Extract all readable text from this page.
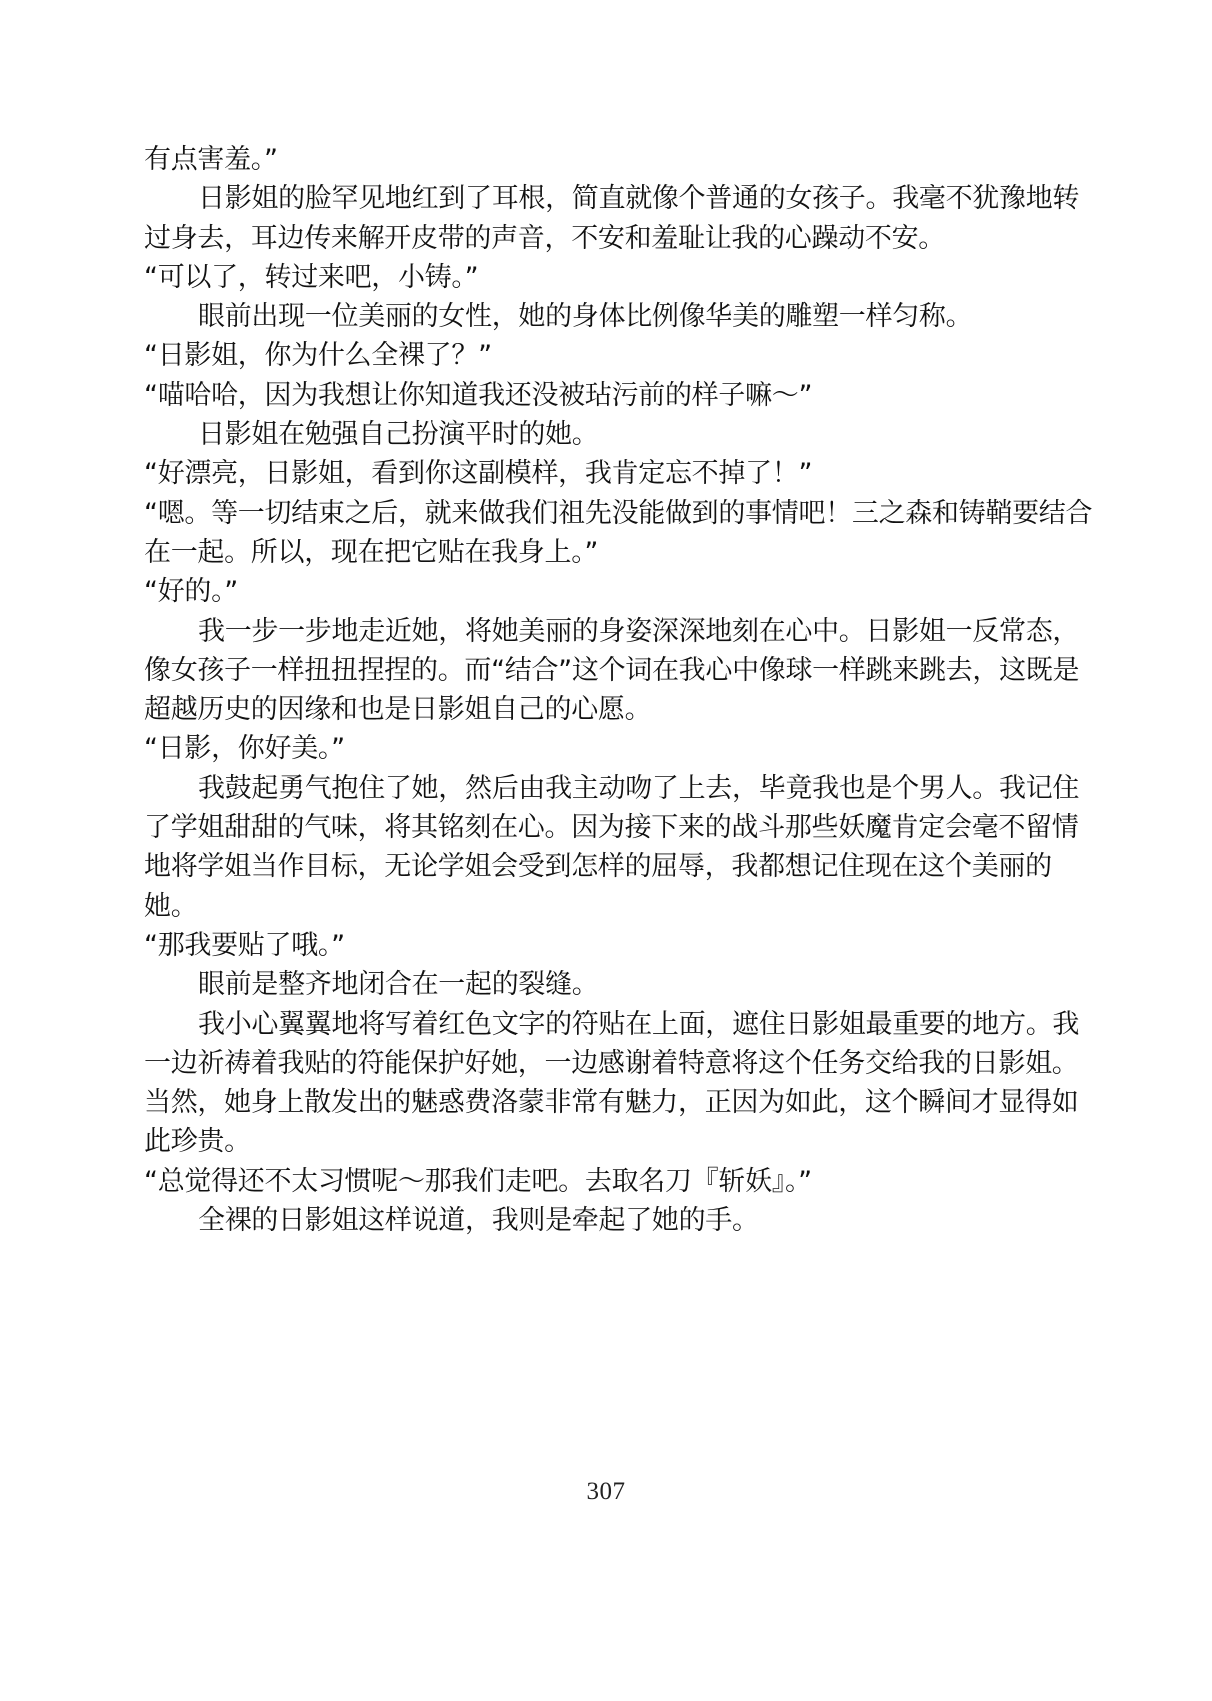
有点害羞。”

日影姐的脸罕见地红到了耳根，简直就像个普通的女孩子。我毫不犹豫地转过身去，耳边传来解开皮带的声音，不安和羞耻让我的心躁动不安。

“可以了，转过来吧，小铸。”

眼前出现一位美丽的女性，她的身体比例像华美的雕塑一样匀称。

“日影姐，你为什么全裸了？”

“喵哈哈，因为我想让你知道我还没被玷污前的样子嘛～”

日影姐在勉强自己扮演平时的她。

“好漂亮，日影姐，看到你这副模样，我肯定忘不掉了！”

“嗯。等一切结束之后，就来做我们祖先没能做到的事情吧！三之森和铸鞘要结合在一起。所以，现在把它贴在我身上。”

“好的。”

我一步一步地走近她，将她美丽的身姿深深地刻在心中。日影姐一反常态，像女孩子一样扭扭捏捏的。而“结合”这个词在我心中像球一样跳来跳去，这既是超越历史的因缘和也是日影姐自己的心愿。

“日影，你好美。”

我鼓起勇气抱住了她，然后由我主动吻了上去，毕竟我也是个男人。我记住了学姐甜甜的气味，将其铭刻在心。因为接下来的战斗那些妖魔肯定会毫不留情地将学姐当作目标，无论学姐会受到怎样的屈辱，我都想记住现在这个美丽的她。

“那我要贴了哦。”

眼前是整齐地闭合在一起的裂缝。

我小心翼翼地将写着红色文字的符贴在上面，遮住日影姐最重要的地方。我一边祈祷着我贴的符能保护好她，一边感谢着特意将这个任务交给我的日影姐。当然，她身上散发出的魅惑费洛蒙非常有魅力，正因为如此，这个瞬间才显得如此珍贵。

“总觉得还不太习惯呢～那我们走吧。去取名刀『斩妖』。”

全裸的日影姐这样说道，我则是牵起了她的手。

307
